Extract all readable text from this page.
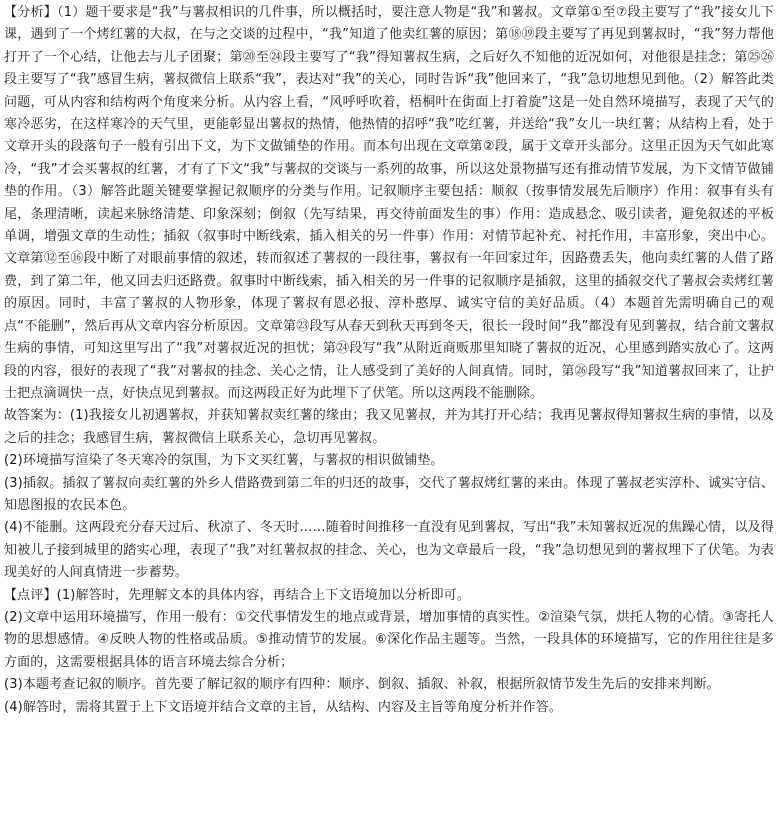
【分析】（1）题干要求是“我”与薯叔相识的几件事，所以概括时，要注意人物是“我”和薯叔。文章第①至⑦段主要写了“我”接女儿下课，遇到了一个烤红薯的大叔，在与之交谈的过程中，“我”知道了他卖红薯的原因；第⑱⑲段主要写了再见到薯叔时，“我”努力帮他打开了一个心结，让他去与儿子团聚；第⑳至㉔段主要写了“我”得知薯叔生病，之后好久不知他的近况如何，对他很是挂念；第㉕㉖段主要写了“我”感冒生病，薯叔微信上联系“我”，表达对“我”的关心，同时告诉“我”他回来了，“我”急切地想见到他。（2）解答此类问题，可从内容和结构两个角度来分析。从内容上看，“风呼呼吹着，梧桐叶在街面上打着旋”这是一处自然环境描写，表现了天气的寒冷恶劣，在这样寒冷的天气里，更能彰显出薯叔的热情，他热情的招呼“我”吃红薯，并送给“我”女儿一块红薯；从结构上看，处于文章开头的段落句子一般有引出下文，为下文做铺垫的作用。而本句出现在文章第②段，属于文章开头部分。这里正因为天气如此寒冷，“我”才会买薯叔的红薯，才有了下文“我”与薯叔的交谈与一系列的故事，所以这处景物描写还有推动情节发展，为下文情节做铺垫的作用。（3）解答此题关键要掌握记叙顺序的分类与作用。记叙顺序主要包括：顺叙（按事情发展先后顺序）作用：叙事有头有尾，条理清晰，读起来脉络清楚、印象深刻；倒叙（先写结果，再交待前面发生的事）作用：造成悬念、吸引读者，避免叙述的平板单调，增强文章的生动性；插叙（叙事时中断线索，插入相关的另一件事）作用：对情节起补充、衬托作用，丰富形象，突出中心。文章第⑫至⑯段中断了对眼前事情的叙述，转而叙述了薯叔的一段往事，薯叔有一年回家过年，因路费丢失，他向卖红薯的人借了路费，到了第二年，他又回去归还路费。叙事时中断线索，插入相关的另一件事的记叙顺序是插叙，这里的插叙交代了薯叔会卖烤红薯的原因。同时，丰富了薯叔的人物形象，体现了薯叔有恩必报、淳朴憨厚、诚实守信的美好品质。（4）本题首先需明确自己的观点“不能删”，然后再从文章内容分析原因。文章第㉓段写从春天到秋天再到冬天，很长一段时间“我”都没有见到薯叔，结合前文薯叔生病的事情，可知这里写出了“我”对薯叔近况的担忧；第㉔段写“我”从附近商贩那里知晓了薯叔的近况，心里感到踏实放心了。这两段的内容，很好的表现了“我”对薯叔的挂念、关心之情，让人感受到了美好的人间真情。同时，第㉖段写“我”知道薯叔回来了，让护士把点滴调快一点，好快点见到薯叔。而这两段正好为此埋下了伏笔。所以这两段不能删除。

故答案为：(1)我接女儿初遇薯叔，并获知薯叔卖红薯的缘由；我又见薯叔，并为其打开心结；我再见薯叔得知薯叔生病的事情，以及之后的挂念；我感冒生病，薯叔微信上联系关心，急切再见薯叔。

(2)环境描写渲染了冬天寒冷的氛围，为下文买红薯，与薯叔的相识做铺垫。

(3)插叙。插叙了薯叔向卖红薯的外乡人借路费到第二年的归还的故事，交代了薯叔烤红薯的来由。体现了薯叔老实淳朴、诚实守信、知恩图报的农民本色。

(4)不能删。这两段充分春天过后、秋凉了、冬天时……随着时间推移一直没有见到薯叔，写出“我”未知薯叔近况的焦躁心情，以及得知被儿子接到城里的踏实心理，表现了“我”对红薯叔叔的挂念、关心，也为文章最后一段，“我”急切想见到的薯叔埋下了伏笔。为表现美好的人间真情进一步蓄势。

【点评】(1)解答时，先理解文本的具体内容，再结合上下文语境加以分析即可。

(2)文章中运用环境描写，作用一般有：①交代事情发生的地点或背景，增加事情的真实性。②渲染气氛，烘托人物的心情。③寄托人物的思想感情。④反映人物的性格或品质。⑤推动情节的发展。⑥深化作品主题等。当然，一段具体的环境描写，它的作用往往是多方面的，这需要根据具体的语言环境去综合分析；

(3)本题考查记叙的顺序。首先要了解记叙的顺序有四种：顺序、倒叙、插叙、补叙，根据所叙情节发生先后的安排来判断。

(4)解答时，需将其置于上下文语境并结合文章的主旨，从结构、内容及主旨等角度分析并作答。
